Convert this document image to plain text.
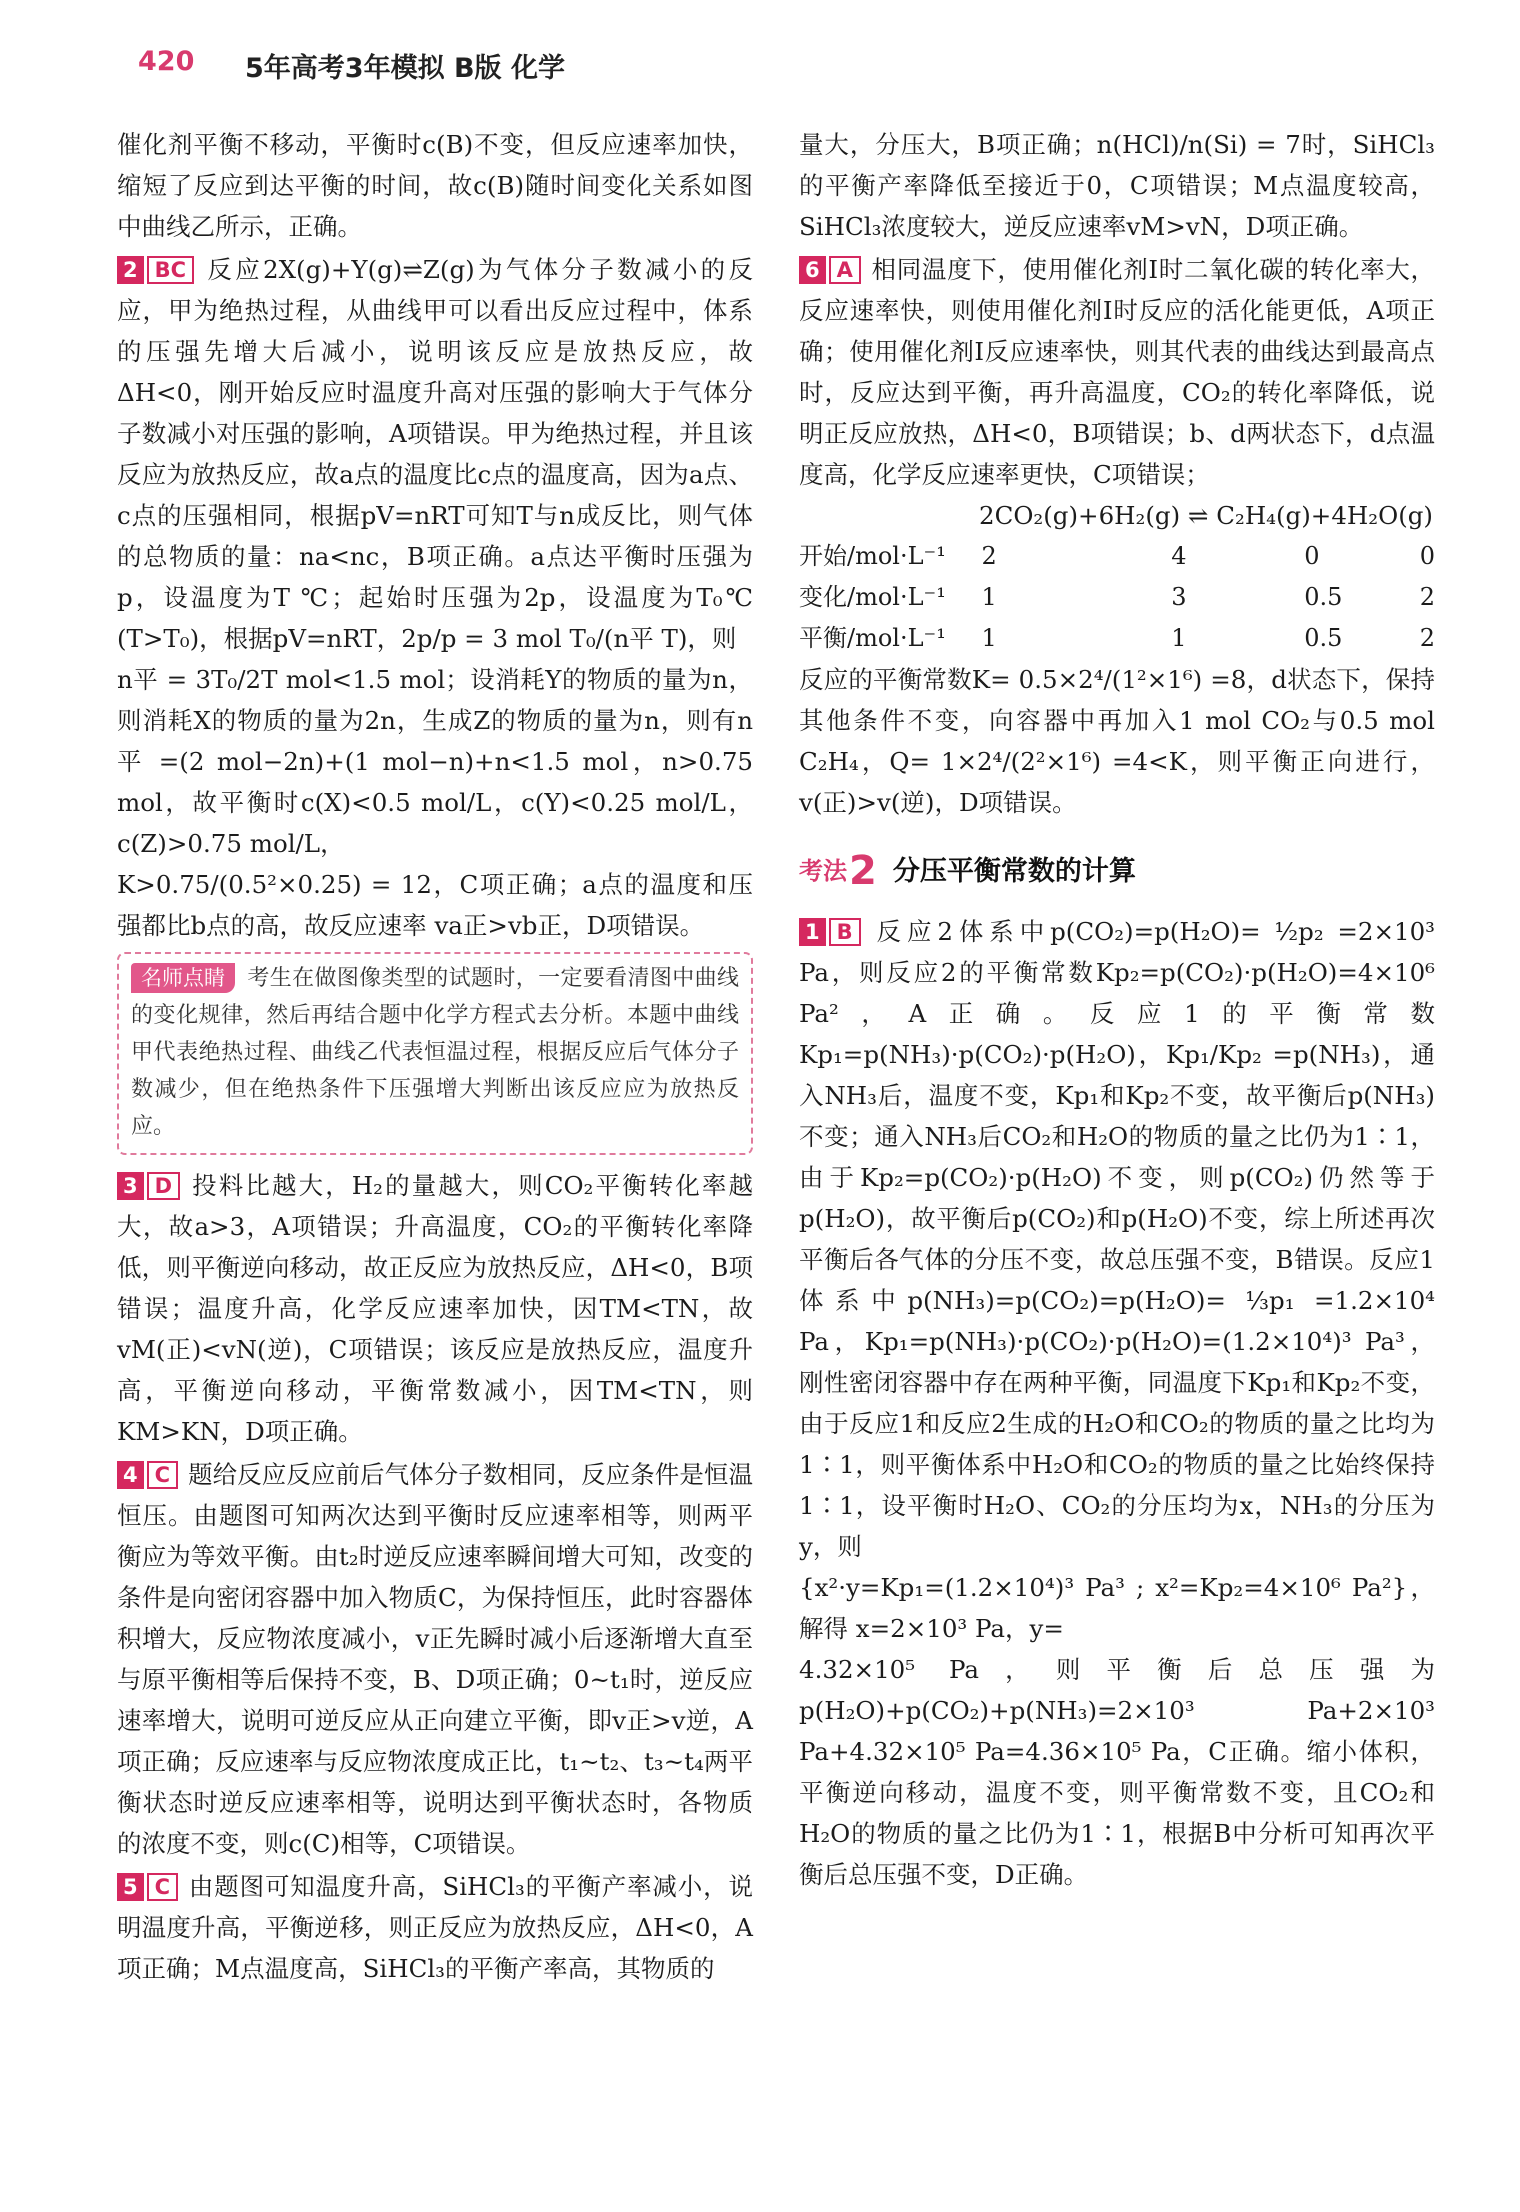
420 5年高考3年模拟 B版 化学

催化剂平衡不移动，平衡时c(B)不变，但反应速率加快，缩短了反应到达平衡的时间，故c(B)随时间变化关系如图中曲线乙所示，正确。

2 BC 反应2X(g)+Y(g)⇌Z(g)为气体分子数减小的反应，甲为绝热过程，从曲线甲可以看出反应过程中，体系的压强先增大后减小，说明该反应是放热反应，故ΔH<0，刚开始反应时温度升高对压强的影响大于气体分子数减小对压强的影响，A项错误。甲为绝热过程，并且该反应为放热反应，故a点的温度比c点的温度高，因为a点、c点的压强相同，根据pV=nRT可知T与n成反比，则气体的总物质的量：na<nc，B项正确。a点达平衡时压强为p，设温度为T ℃；起始时压强为2p，设温度为T₀℃(T>T₀)，根据pV=nRT，2p/p = 3 mol T₀/(n平 T)，则

n平 = 3T₀/2T mol<1.5 mol；设消耗Y的物质的量为n，则消耗X的物质的量为2n，生成Z的物质的量为n，则有n平 =(2 mol−2n)+(1 mol−n)+n<1.5 mol，n>0.75 mol，故平衡时c(X)<0.5 mol/L，c(Y)<0.25 mol/L，c(Z)>0.75 mol/L，

K>0.75/(0.5²×0.25) = 12，C项正确；a点的温度和压强都比b点的高，故反应速率 va正>vb正，D项错误。

名师点睛 考生在做图像类型的试题时，一定要看清图中曲线的变化规律，然后再结合题中化学方程式去分析。本题中曲线甲代表绝热过程、曲线乙代表恒温过程，根据反应后气体分子数减少，但在绝热条件下压强增大判断出该反应应为放热反应。

3 D 投料比越大，H₂的量越大，则CO₂平衡转化率越大，故a>3，A项错误；升高温度，CO₂的平衡转化率降低，则平衡逆向移动，故正反应为放热反应，ΔH<0，B项错误；温度升高，化学反应速率加快，因TM<TN，故vM(正)<vN(逆)，C项错误；该反应是放热反应，温度升高，平衡逆向移动，平衡常数减小，因TM<TN，则KM>KN，D项正确。

4 C 题给反应反应前后气体分子数相同，反应条件是恒温恒压。由题图可知两次达到平衡时反应速率相等，则两平衡应为等效平衡。由t₂时逆反应速率瞬间增大可知，改变的条件是向密闭容器中加入物质C，为保持恒压，此时容器体积增大，反应物浓度减小，v正先瞬时减小后逐渐增大直至与原平衡相等后保持不变，B、D项正确；0~t₁时，逆反应速率增大，说明可逆反应从正向建立平衡，即v正>v逆，A项正确；反应速率与反应物浓度成正比，t₁~t₂、t₃~t₄两平衡状态时逆反应速率相等，说明达到平衡状态时，各物质的浓度不变，则c(C)相等，C项错误。

5 C 由题图可知温度升高，SiHCl₃的平衡产率减小，说明温度升高，平衡逆移，则正反应为放热反应，ΔH<0，A项正确；M点温度高，SiHCl₃的平衡产率高，其物质的

量大，分压大，B项正确；n(HCl)/n(Si) = 7时，SiHCl₃的平衡产率降低至接近于0，C项错误；M点温度较高，SiHCl₃浓度较大，逆反应速率vM>vN，D项正确。

6 A 相同温度下，使用催化剂Ⅰ时二氧化碳的转化率大，反应速率快，则使用催化剂Ⅰ时反应的活化能更低，A项正确；使用催化剂Ⅰ反应速率快，则其代表的曲线达到最高点时，反应达到平衡，再升高温度，CO₂的转化率降低，说明正反应放热，ΔH<0，B项错误；b、d两状态下，d点温度高，化学反应速率更快，C项错误；

2CO₂(g)+6H₂(g) ⇌ C₂H₄(g)+4H₂O(g)
开始/mol·L⁻¹	2	4	0	0
变化/mol·L⁻¹	1	3	0.5	2
平衡/mol·L⁻¹	1	1	0.5	2

反应的平衡常数K= 0.5×2⁴/(1²×1⁶) =8，d状态下，保持其他条件不变，向容器中再加入1 mol CO₂与0.5 mol C₂H₄，Q= 1×2⁴/(2²×1⁶) =4<K，则平衡正向进行，v(正)>v(逆)，D项错误。

考法 2 分压平衡常数的计算

1 B 反应2体系中p(CO₂)=p(H₂O)= ½p₂ =2×10³ Pa，则反应2的平衡常数Kp₂=p(CO₂)·p(H₂O)=4×10⁶ Pa²，A正确。反应1的平衡常数Kp₁=p(NH₃)·p(CO₂)·p(H₂O)，Kp₁/Kp₂ =p(NH₃)，通入NH₃后，温度不变，Kp₁和Kp₂不变，故平衡后p(NH₃)不变；通入NH₃后CO₂和H₂O的物质的量之比仍为1∶1，由于Kp₂=p(CO₂)·p(H₂O)不变，则p(CO₂)仍然等于p(H₂O)，故平衡后p(CO₂)和p(H₂O)不变，综上所述再次平衡后各气体的分压不变，故总压强不变，B错误。反应1体系中p(NH₃)=p(CO₂)=p(H₂O)= ⅓p₁ =1.2×10⁴ Pa，Kp₁=p(NH₃)·p(CO₂)·p(H₂O)=(1.2×10⁴)³ Pa³，刚性密闭容器中存在两种平衡，同温度下Kp₁和Kp₂不变，由于反应1和反应2生成的H₂O和CO₂的物质的量之比均为1∶1，则平衡体系中H₂O和CO₂的物质的量之比始终保持1∶1，设平衡时H₂O、CO₂的分压均为x，NH₃的分压为y，则

{x²·y=Kp₁=(1.2×10⁴)³ Pa³ ; x²=Kp₂=4×10⁶ Pa²}，解得 x=2×10³ Pa，y=

4.32×10⁵ Pa，则平衡后总压强为p(H₂O)+p(CO₂)+p(NH₃)=2×10³ Pa+2×10³ Pa+4.32×10⁵ Pa=4.36×10⁵ Pa，C正确。缩小体积，平衡逆向移动，温度不变，则平衡常数不变，且CO₂和H₂O的物质的量之比仍为1∶1，根据B中分析可知再次平衡后总压强不变，D正确。
